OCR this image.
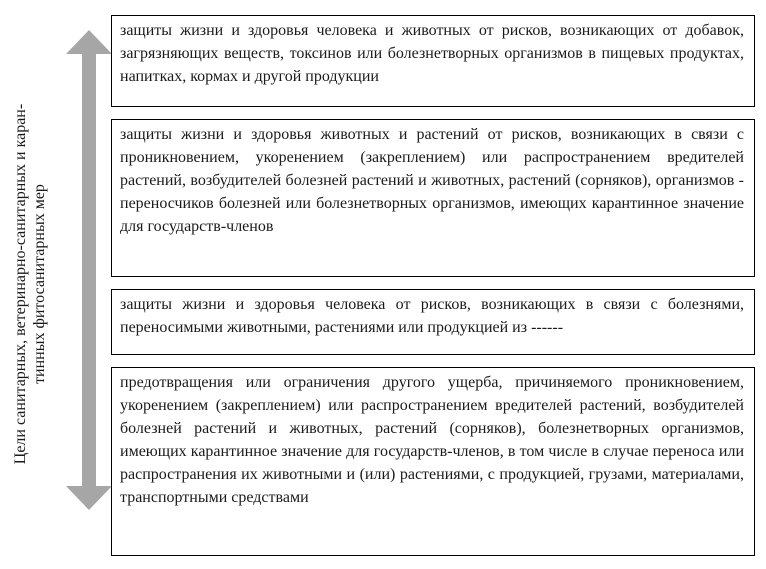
Цели санитарных, ветеринарно-санитарных и каран- тинных фитосанитарных мер
защиты жизни и здоровья человека и животных от рисков, возникающих от добавок, загрязняющих веществ, токсинов или болезнетворных организмов в пищевых продуктах, напитках, кормах и другой продукции
защиты жизни и здоровья животных и растений от рисков, возникающих в связи с проникновением, укоренением (закреплением) или распространением вредителей растений, возбудителей болезней растений и животных, растений (сорняков), организмов - переносчиков болезней или болезнетворных организмов, имеющих карантинное значение для государств-членов
защиты жизни и здоровья человека от рисков, возникающих в связи с болезнями, переносимыми животными, растениями или продукцией из ------
предотвращения или ограничения другого ущерба, причиняемого проникновением, укоренением (закреплением) или распространением вредителей растений, возбудителей болезней растений и животных, растений (сорняков), болезнетворных организмов, имеющих карантинное значение для государств-членов, в том числе в случае переноса или распространения их животными и (или) растениями, с продукцией, грузами, материалами, транспортными средствами
